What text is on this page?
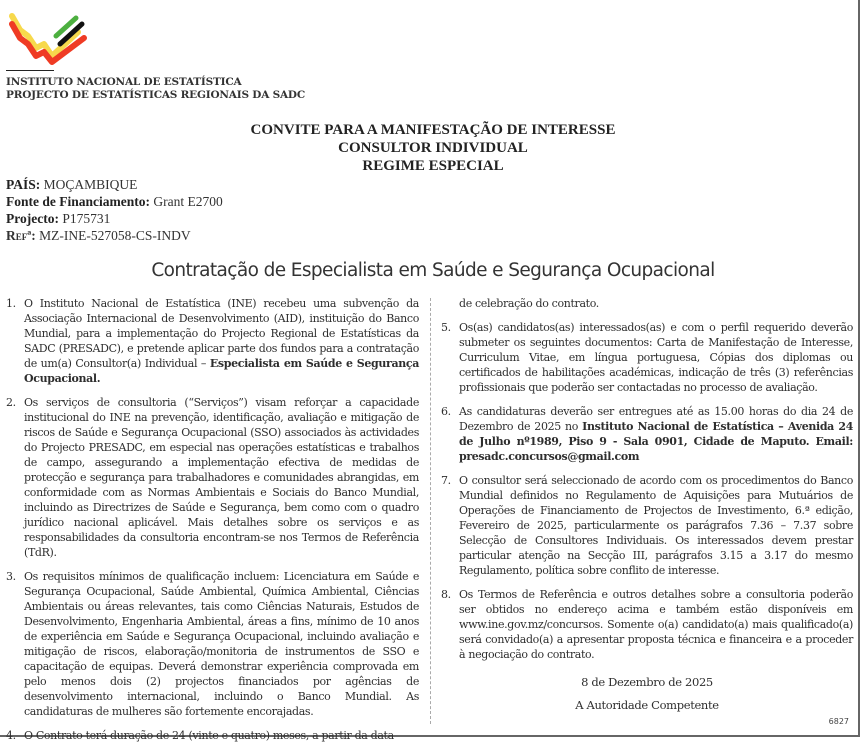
INSTITUTO NACIONAL DE ESTATÍSTICA
PROJECTO DE ESTATÍSTICAS REGIONAIS DA SADC
CONVITE PARA A MANIFESTAÇÃO DE INTERESSE
CONSULTOR INDIVIDUAL
REGIME ESPECIAL
PAÍS: MOÇAMBIQUE
Fonte de Financiamento: Grant E2700
Projecto: P175731
Refª: MZ-INE-527058-CS-INDV
Contratação de Especialista em Saúde e Segurança Ocupacional
1. O Instituto Nacional de Estatística (INE) recebeu uma subvenção da Associação Internacional de Desenvolvimento (AID), instituição do Banco Mundial, para a implementação do Projecto Regional de Estatísticas da SADC (PRESADC), e pretende aplicar parte dos fundos para a contratação de um(a) Consultor(a) Individual – Especialista em Saúde e Segurança Ocupacional.
2. Os serviços de consultoria (“Serviços”) visam reforçar a capacidade institucional do INE na prevenção, identificação, avaliação e mitigação de riscos de Saúde e Segurança Ocupacional (SSO) associados às actividades do Projecto PRESADC, em especial nas operações estatísticas e trabalhos de campo, assegurando a implementação efectiva de medidas de protecção e segurança para trabalhadores e comunidades abrangidas, em conformidade com as Normas Ambientais e Sociais do Banco Mundial, incluindo as Directrizes de Saúde e Segurança, bem como com o quadro jurídico nacional aplicável. Mais detalhes sobre os serviços e as responsabilidades da consultoria encontram-se nos Termos de Referência (TdR).
3. Os requisitos mínimos de qualificação incluem: Licenciatura em Saúde e Segurança Ocupacional, Saúde Ambiental, Química Ambiental, Ciências Ambientais ou áreas relevantes, tais como Ciências Naturais, Estudos de Desenvolvimento, Engenharia Ambiental, áreas a fins, mínimo de 10 anos de experiência em Saúde e Segurança Ocupacional, incluindo avaliação e mitigação de riscos, elaboração/monitoria de instrumentos de SSO e capacitação de equipas. Deverá demonstrar experiência comprovada em pelo menos dois (2) projectos financiados por agências de desenvolvimento internacional, incluindo o Banco Mundial. As candidaturas de mulheres são fortemente encorajadas.
4. O Contrato terá duração de 24 (vinte e quatro) meses, a partir da data
de celebração do contrato.
5. Os(as) candidatos(as) interessados(as) e com o perfil requerido deverão submeter os seguintes documentos: Carta de Manifestação de Interesse, Curriculum Vitae, em língua portuguesa, Cópias dos diplomas ou certificados de habilitações académicas, indicação de três (3) referências profissionais que poderão ser contactadas no processo de avaliação.
6. As candidaturas deverão ser entregues até as 15.00 horas do dia 24 de Dezembro de 2025 no Instituto Nacional de Estatística – Avenida 24 de Julho nº1989, Piso 9 - Sala 0901, Cidade de Maputo. Email: presadc.concursos@gmail.com
7. O consultor será seleccionado de acordo com os procedimentos do Banco Mundial definidos no Regulamento de Aquisições para Mutuários de Operações de Financiamento de Projectos de Investimento, 6.ª edição, Fevereiro de 2025, particularmente os parágrafos 7.36 – 7.37 sobre Selecção de Consultores Individuais. Os interessados devem prestar particular atenção na Secção III, parágrafos 3.15 a 3.17 do mesmo Regulamento, política sobre conflito de interesse.
8. Os Termos de Referência e outros detalhes sobre a consultoria poderão ser obtidos no endereço acima e também estão disponíveis em www.ine.gov.mz/concursos. Somente o(a) candidato(a) mais qualificado(a) será convidado(a) a apresentar proposta técnica e financeira e a proceder à negociação do contrato.
8 de Dezembro de 2025
A Autoridade Competente
6827
